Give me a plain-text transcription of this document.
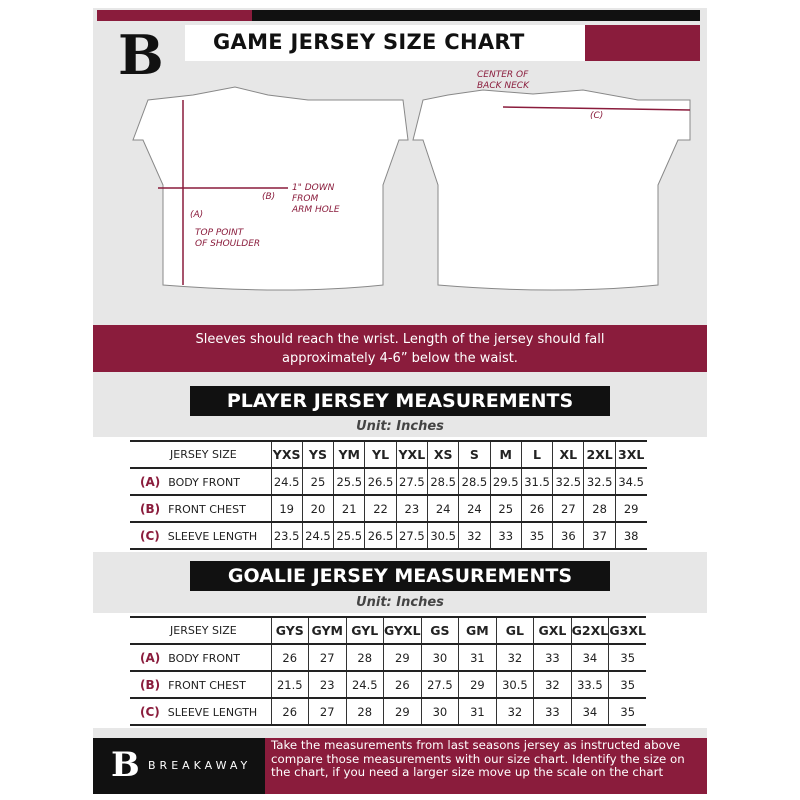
B	GAME JERSEY SIZE CHART
(A)
TOP POINT
OF SHOULDER
(B)
1" DOWN
FROM
ARM HOLE
(C)
CENTER OF
BACK NECK
Sleeves should reach the wrist. Length of the jersey should fall approximately 4-6” below the waist.
PLAYER JERSEY MEASUREMENTS
Unit: Inches
JERSEY SIZE	YXS	YS	YM	YL	YXL	XS	S	M	L	XL	2XL	3XL
(A) BODY FRONT	24.5	25	25.5	26.5	27.5	28.5	28.5	29.5	31.5	32.5	32.5	34.5
(B) FRONT CHEST	19	20	21	22	23	24	24	25	26	27	28	29
(C) SLEEVE LENGTH	23.5	24.5	25.5	26.5	27.5	30.5	32	33	35	36	37	38
GOALIE JERSEY MEASUREMENTS
Unit: Inches
JERSEY SIZE	GYS	GYM	GYL	GYXL	GS	GM	GL	GXL	G2XL	G3XL
(A) BODY FRONT	26	27	28	29	30	31	32	33	34	35
(B) FRONT CHEST	21.5	23	24.5	26	27.5	29	30.5	32	33.5	35
(C) SLEEVE LENGTH	26	27	28	29	30	31	32	33	34	35
B BREAKAWAY
Take the measurements from last seasons jersey as instructed above compare those measurements with our size chart. Identify the size on the chart, if you need a larger size move up the scale on the chart
